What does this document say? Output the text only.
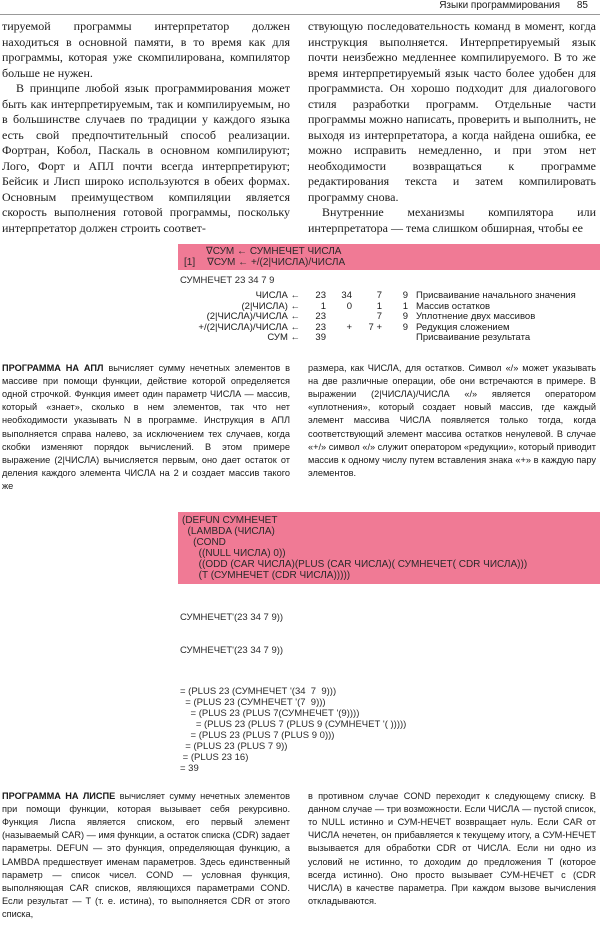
Языки программирования 85

тируемой программы интерпретатор должен находиться в основной памяти, в то время как для программы, которая уже скомпилирована, компилятор больше не нужен.

В принципе любой язык программирования может быть как интерпретируемым, так и компилируемым, но в большинстве случаев по традиции у каждого языка есть свой предпочтительный способ реализации. Фортран, Кобол, Паскаль в основном компилируют; Лого, Форт и АПЛ почти всегда интерпретируют; Бейсик и Лисп широко используются в обеих формах. Основным преимуществом компиляции является скорость выполнения готовой программы, поскольку интерпретатор должен строить соответ-

ствующую последовательность команд в момент, когда инструкция выполняется. Интерпретируемый язык почти неизбежно медленнее компилируемого. В то же время интерпретируемый язык часто более удобен для программиста. Он хорошо подходит для диалогового стиля разработки программ. Отдельные части программы можно написать, проверить и выполнить, не выходя из интерпретатора, а когда найдена ошибка, ее можно исправить немедленно, и при этом нет необходимости возвращаться к программе редактирования текста и затем компилировать программу снова.

Внутренние механизмы компилятора или интерпретатора — тема слишком обширная, чтобы ее

∇СУМ ← СУМНЕЧЕТ ЧИСЛА
[1] ∇СУМ ← +/(2|ЧИСЛА)/ЧИСЛА
СУМНЕЧЕТ 23 34 7 9
ЧИСЛА ←	23	34	7	9	Присваивание начального значения
(2|ЧИСЛА) ←	1	0	1	1	Массив остатков
(2|ЧИСЛА)/ЧИСЛА ←	23		7	9	Уплотнение двух массивов
+/(2|ЧИСЛА)/ЧИСЛА ←	23	+	7 +	9	Редукция сложением
СУМ ←	39				Присваивание результата
ПРОГРАММА НА АПЛ вычисляет сумму нечетных элементов в массиве при помощи функции, действие которой определяется одной строчкой. Функция имеет один параметр ЧИСЛА — массив, который «знает», сколько в нем элементов, так что нет необходимости указывать N в программе. Инструкция в АПЛ выполняется справа налево, за исключением тех случаев, когда скобки изменяют порядок вычислений. В этом примере выражение (2|ЧИСЛА) вычисляется первым, оно дает остаток от деления каждого элемента ЧИСЛА на 2 и создает массив такого же
размера, как ЧИСЛА, для остатков. Символ «/» может указывать на две различные операции, обе они встречаются в примере. В выражении (2|ЧИСЛА)/ЧИСЛА «/» является оператором «уплотнения», который создает новый массив, где каждый элемент массива ЧИСЛА появляется только тогда, когда соответствующий элемент массива остатков ненулевой. В случае «+/» символ «/» служит оператором «редукции», который приводит массив к одному числу путем вставления знака «+» в каждую пару элементов.
(DEFUN СУМНЕЧЕТ
(LAMBDA (ЧИСЛА)
(COND
((NULL ЧИСЛА) 0))
((ODD (CAR ЧИСЛА)(PLUS (CAR ЧИСЛА)( СУМНЕЧЕТ( CDR ЧИСЛА)))
(T (СУМНЕЧЕТ (CDR ЧИСЛА)))))

СУМНЕЧЕТ'(23 34 7 9))

СУМНЕЧЕТ'(23 34 7 9))

= (PLUS 23 (СУМНЕЧЕТ '(34  7  9)))
= (PLUS 23 (СУМНЕЧЕТ '(7  9)))
= (PLUS 23 (PLUS 7(СУМНЕЧЕТ '(9))))
= (PLUS 23 (PLUS 7 (PLUS 9 (СУМНЕЧЕТ '( )))))
= (PLUS 23 (PLUS 7 (PLUS 9 0)))
= (PLUS 23 (PLUS 7 9))
= (PLUS 23 16)
= 39
ПРОГРАММА НА ЛИСПЕ вычисляет сумму нечетных элементов при помощи функции, которая вызывает себя рекурсивно. Функция Лиспа является списком, его первый элемент (называемый CAR) — имя функции, а остаток списка (CDR) задает параметры. DEFUN — это функция, определяющая функцию, а LAMBDA предшествует именам параметров. Здесь единственный параметр — список чисел. COND — условная функция, выполняющая CAR списков, являющихся параметрами COND. Если результат — T (т. е. истина), то выполняется CDR от этого списка,
в противном случае COND переходит к следующему списку. В данном случае — три возможности. Если ЧИСЛА — пустой список, то NULL истинно и СУМ-НЕЧЕТ возвращает нуль. Если CAR от ЧИСЛА нечетен, он прибавляется к текущему итогу, а СУМ-НЕЧЕТ вызывается для обработки CDR от ЧИСЛА. Если ни одно из условий не истинно, то доходим до предложения T (которое всегда истинно). Оно просто вызывает СУМ-НЕЧЕТ с (CDR ЧИСЛА) в качестве параметра. При каждом вызове вычисления откладываются.
